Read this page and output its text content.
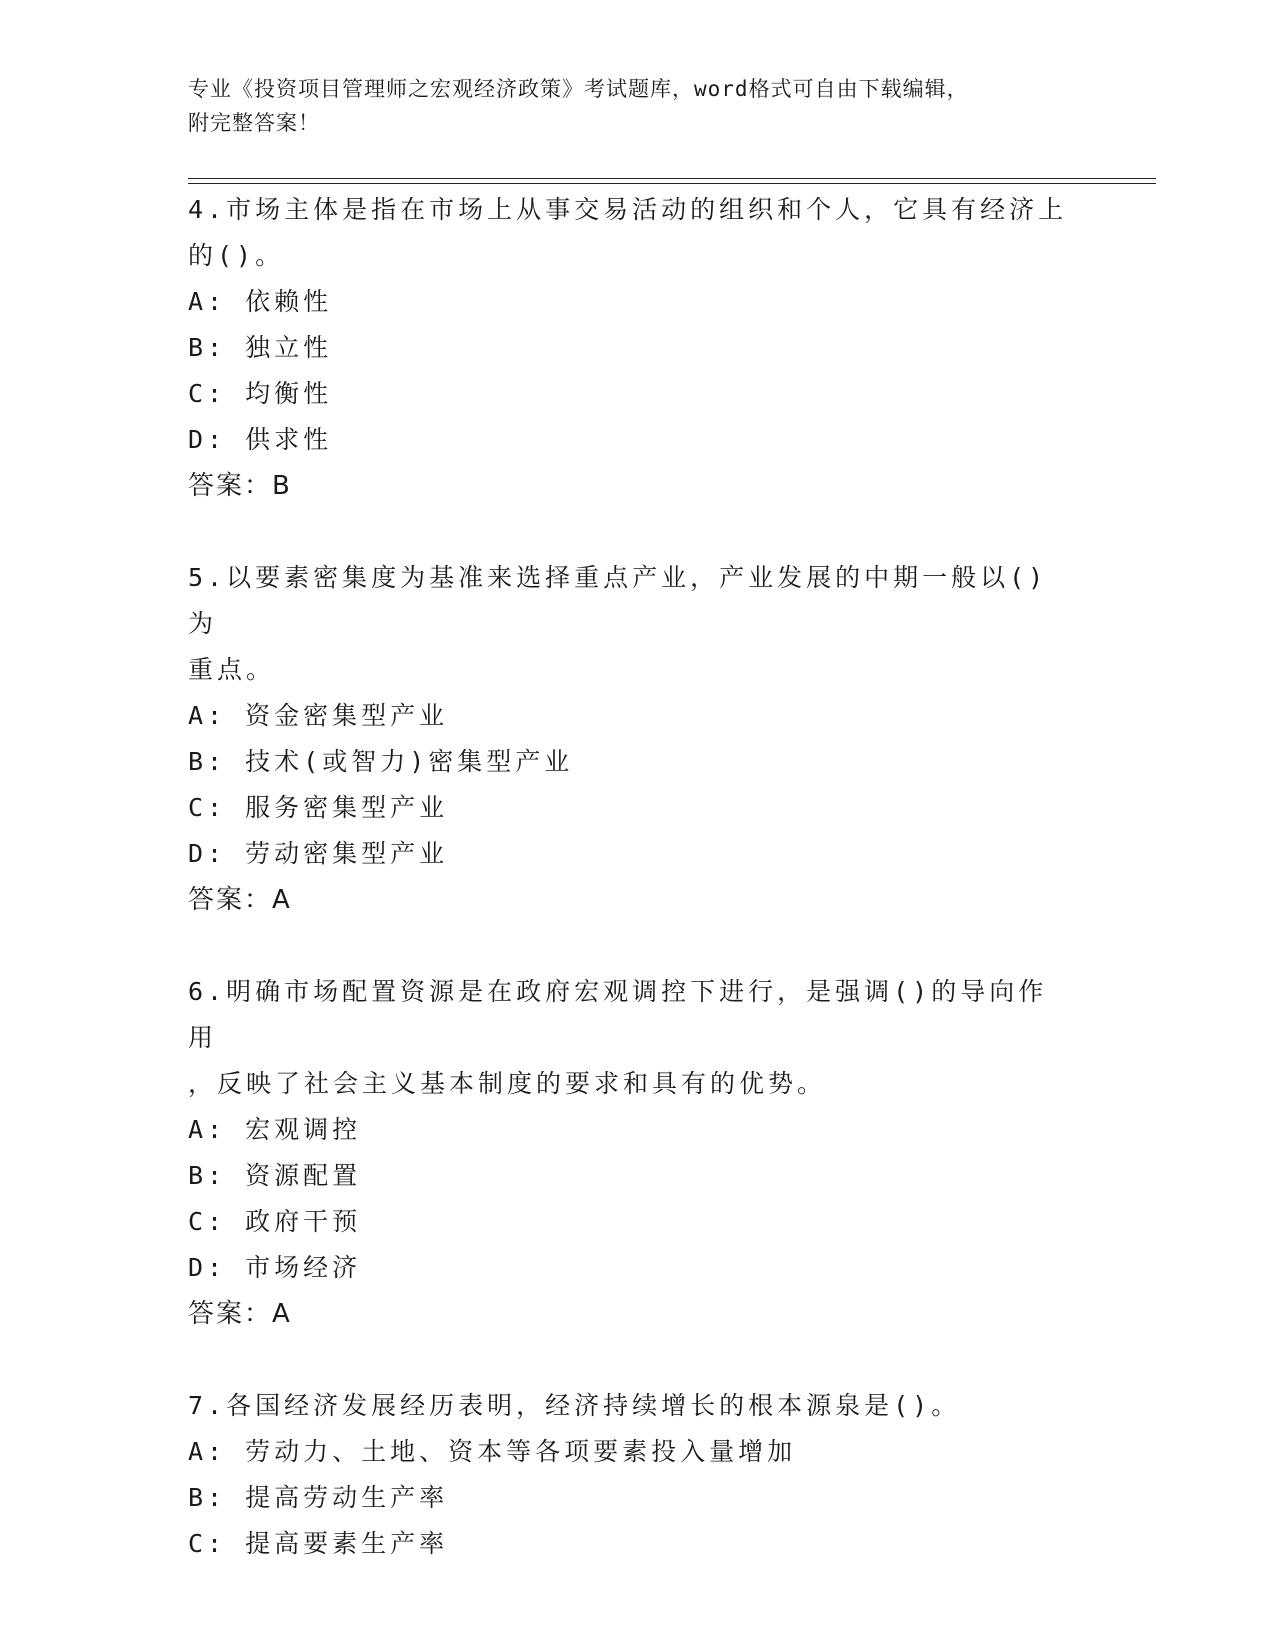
专业《投资项目管理师之宏观经济政策》考试题库，word格式可自由下载编辑，
附完整答案！
4.市场主体是指在市场上从事交易活动的组织和个人，它具有经济上
的()。
A: 依赖性
B: 独立性
C: 均衡性
D: 供求性
答案：B
5.以要素密集度为基准来选择重点产业，产业发展的中期一般以()为
重点。
A: 资金密集型产业
B: 技术(或智力)密集型产业
C: 服务密集型产业
D: 劳动密集型产业
答案：A
6.明确市场配置资源是在政府宏观调控下进行，是强调()的导向作用
，反映了社会主义基本制度的要求和具有的优势。
A: 宏观调控
B: 资源配置
C: 政府干预
D: 市场经济
答案：A
7.各国经济发展经历表明，经济持续增长的根本源泉是()。
A: 劳动力、土地、资本等各项要素投入量增加
B: 提高劳动生产率
C: 提高要素生产率
